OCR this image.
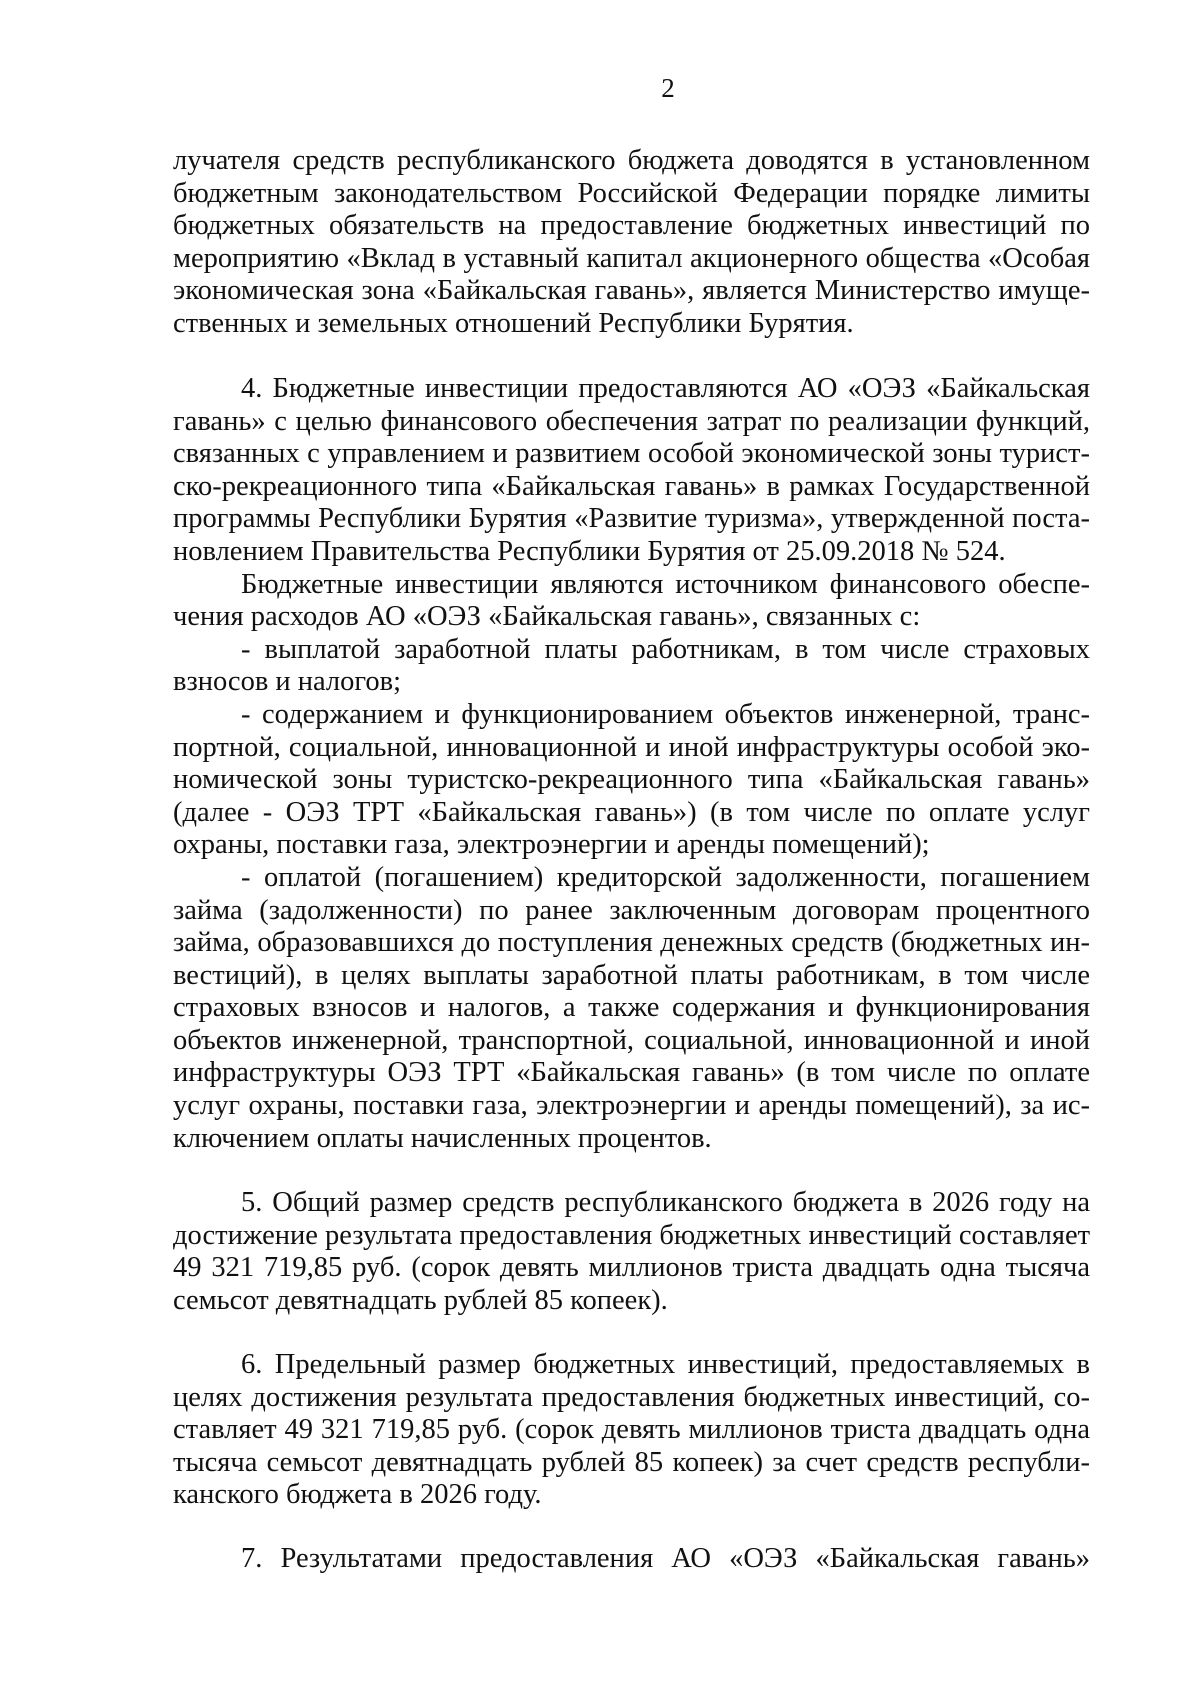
2
лучателя средств республиканского бюджета доводятся в установленном
бюджетным законодательством Российской Федерации порядке лимиты
бюджетных обязательств на предоставление бюджетных инвестиций по
мероприятию «Вклад в уставный капитал акционерного общества «Особая
экономическая зона «Байкальская гавань», является Министерство имуще-
ственных и земельных отношений Республики Бурятия.
4. Бюджетные инвестиции предоставляются АО «ОЭЗ «Байкальская
гавань» с целью финансового обеспечения затрат по реализации функций,
связанных с управлением и развитием особой экономической зоны турист-
ско-рекреационного типа «Байкальская гавань» в рамках Государственной
программы Республики Бурятия «Развитие туризма», утвержденной поста-
новлением Правительства Республики Бурятия от 25.09.2018 № 524.
Бюджетные инвестиции являются источником финансового обеспе-
чения расходов АО «ОЭЗ «Байкальская гавань», связанных с:
- выплатой заработной платы работникам, в том числе страховых
взносов и налогов;
- содержанием и функционированием объектов инженерной, транс-
портной, социальной, инновационной и иной инфраструктуры особой эко-
номической зоны туристско-рекреационного типа «Байкальская гавань»
(далее - ОЭЗ ТРТ «Байкальская гавань») (в том числе по оплате услуг
охраны, поставки газа, электроэнергии и аренды помещений);
- оплатой (погашением) кредиторской задолженности, погашением
займа (задолженности) по ранее заключенным договорам процентного
займа, образовавшихся до поступления денежных средств (бюджетных ин-
вестиций), в целях выплаты заработной платы работникам, в том числе
страховых взносов и налогов, а также содержания и функционирования
объектов инженерной, транспортной, социальной, инновационной и иной
инфраструктуры ОЭЗ ТРТ «Байкальская гавань» (в том числе по оплате
услуг охраны, поставки газа, электроэнергии и аренды помещений), за ис-
ключением оплаты начисленных процентов.
5. Общий размер средств республиканского бюджета в 2026 году на
достижение результата предоставления бюджетных инвестиций составляет
49 321 719,85 руб. (сорок девять миллионов триста двадцать одна тысяча
семьсот девятнадцать рублей 85 копеек).
6. Предельный размер бюджетных инвестиций, предоставляемых в
целях достижения результата предоставления бюджетных инвестиций, со-
ставляет 49 321 719,85 руб. (сорок девять миллионов триста двадцать одна
тысяча семьсот девятнадцать рублей 85 копеек) за счет средств республи-
канского бюджета в 2026 году.
7. Результатами предоставления АО «ОЭЗ «Байкальская гавань»
